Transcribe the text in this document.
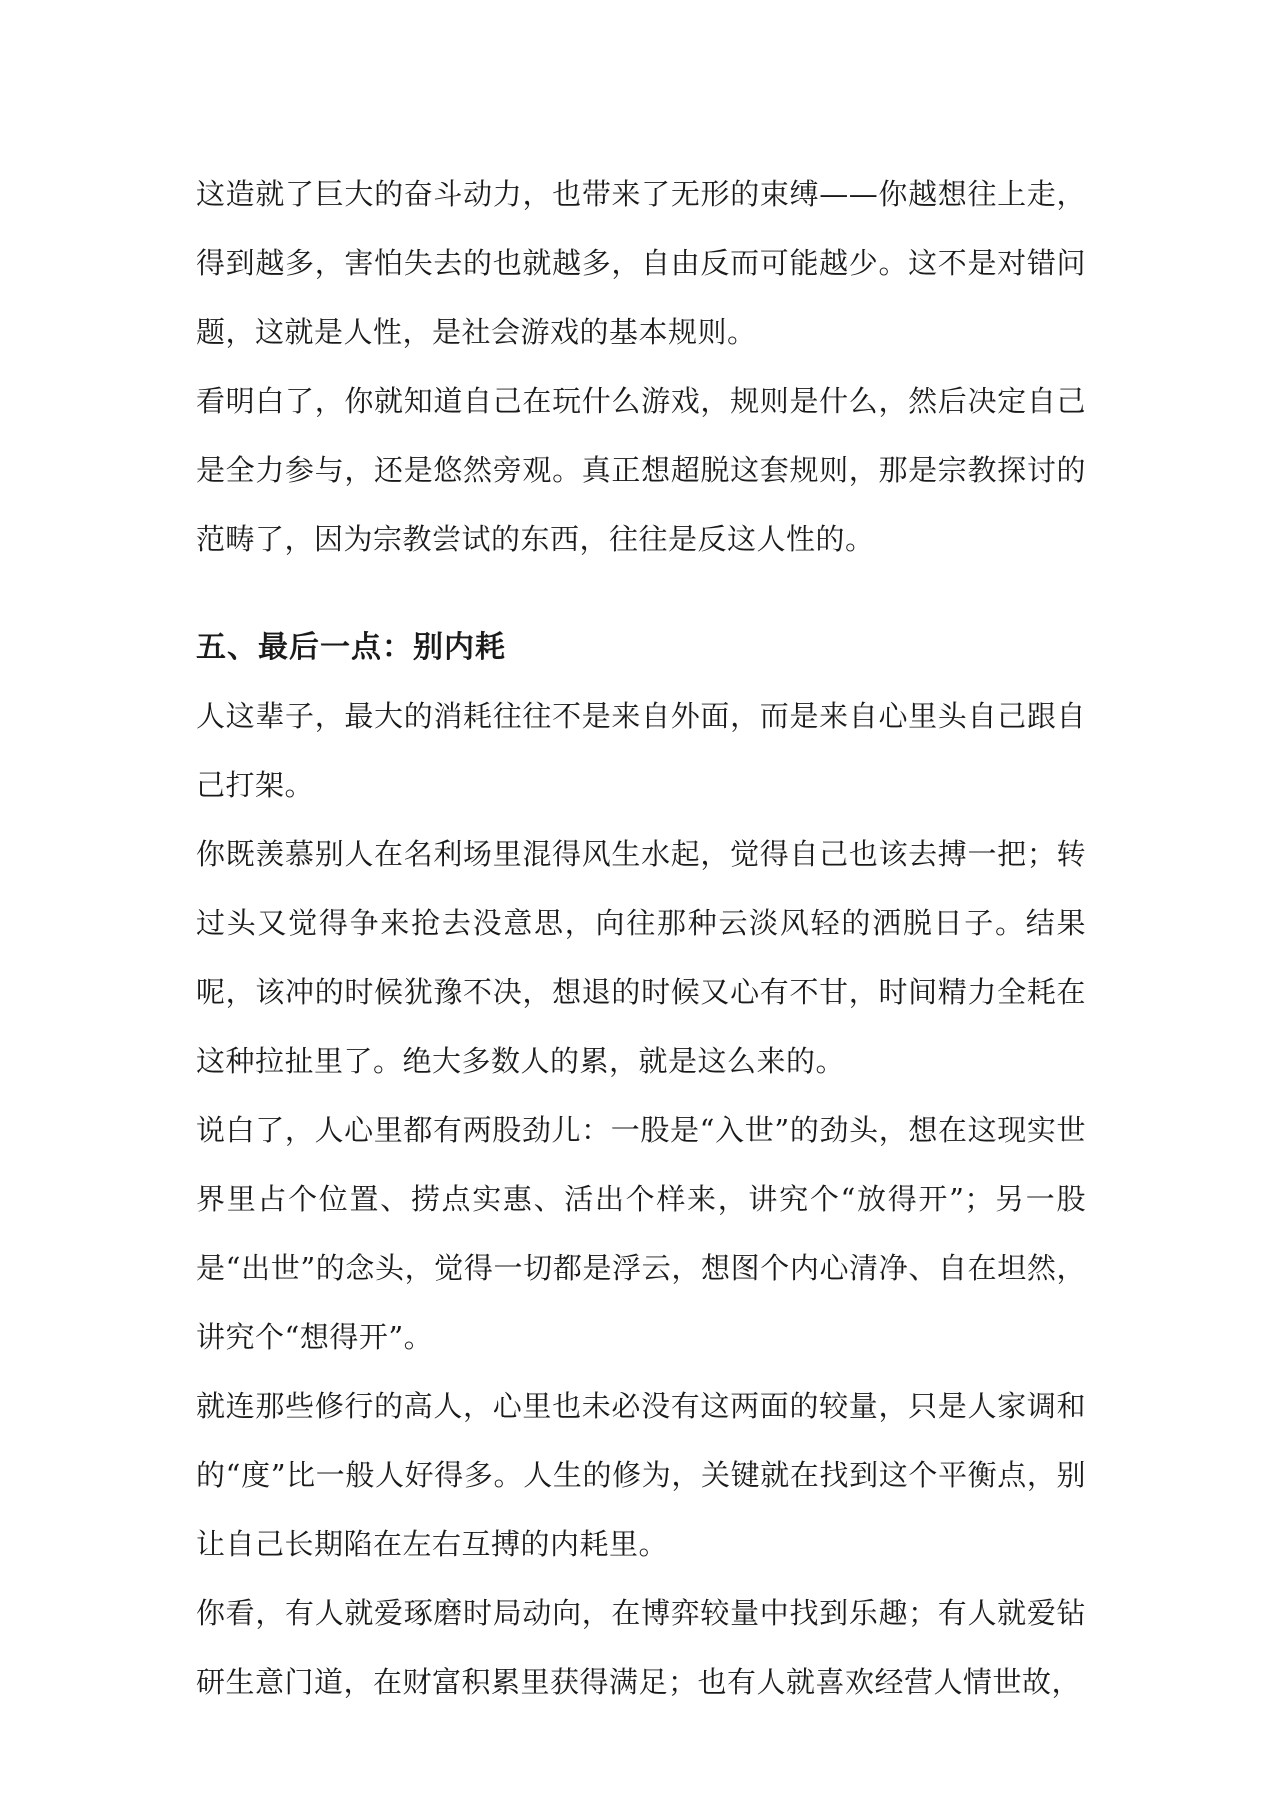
这造就了巨大的奋斗动力，也带来了无形的束缚——你越想往上走，得到越多，害怕失去的也就越多，自由反而可能越少。这不是对错问题，这就是人性，是社会游戏的基本规则。

看明白了，你就知道自己在玩什么游戏，规则是什么，然后决定自己是全力参与，还是悠然旁观。真正想超脱这套规则，那是宗教探讨的范畴了，因为宗教尝试的东西，往往是反这人性的。

五、最后一点：别内耗

人这辈子，最大的消耗往往不是来自外面，而是来自心里头自己跟自己打架。

你既羡慕别人在名利场里混得风生水起，觉得自己也该去搏一把；转过头又觉得争来抢去没意思，向往那种云淡风轻的洒脱日子。结果呢，该冲的时候犹豫不决，想退的时候又心有不甘，时间精力全耗在这种拉扯里了。绝大多数人的累，就是这么来的。

说白了，人心里都有两股劲儿：一股是“入世”的劲头，想在这现实世界里占个位置、捞点实惠、活出个样来，讲究个“放得开”；另一股是“出世”的念头，觉得一切都是浮云，想图个内心清净、自在坦然，讲究个“想得开”。

就连那些修行的高人，心里也未必没有这两面的较量，只是人家调和的“度”比一般人好得多。人生的修为，关键就在找到这个平衡点，别让自己长期陷在左右互搏的内耗里。

你看，有人就爱琢磨时局动向，在博弈较量中找到乐趣；有人就爱钻研生意门道，在财富积累里获得满足；也有人就喜欢经营人情世故，
